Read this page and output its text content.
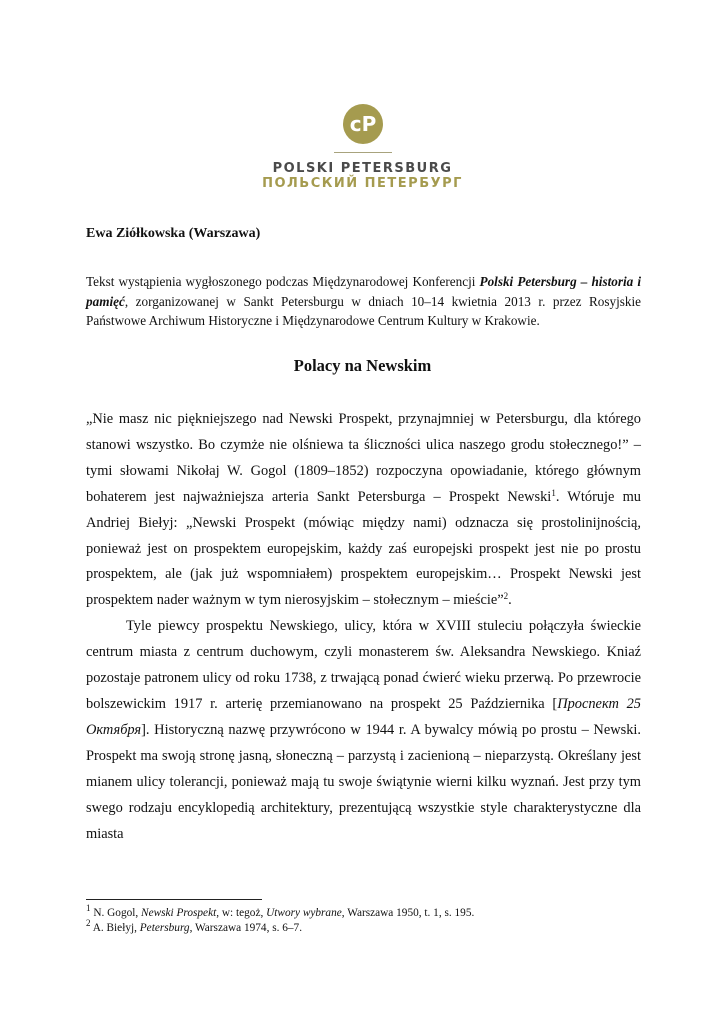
cP
POLSKI PETERSBURG
ПОЛЬСКИЙ ПЕТЕРБУРГ

Ewa Ziółkowska (Warszawa)

Tekst wystąpienia wygłoszonego podczas Międzynarodowej Konferencji Polski Petersburg – historia i pamięć, zorganizowanej w Sankt Petersburgu w dniach 10–14 kwietnia 2013 r. przez Rosyjskie Państwowe Archiwum Historyczne i Międzynarodowe Centrum Kultury w Krakowie.

Polacy na Newskim

„Nie masz nic piękniejszego nad Newski Prospekt, przynajmniej w Petersburgu, dla którego stanowi wszystko. Bo czymże nie olśniewa ta śliczności ulica naszego grodu stołecznego!” – tymi słowami Nikołaj W. Gogol (1809–1852) rozpoczyna opowiadanie, którego głównym bohaterem jest najważniejsza arteria Sankt Petersburga – Prospekt Newski$^1$. Wtóruje mu Andriej Biełyj: „Newski Prospekt (mówiąc między nami) odznacza się prostolinijnością, ponieważ jest on prospektem europejskim, każdy zaś europejski prospekt jest nie po prostu prospektem, ale (jak już wspomniałem) prospektem europejskim… Prospekt Newski jest prospektem nader ważnym w tym nierosyjskim – stołecznym – mieście”$^2$.

Tyle piewcy prospektu Newskiego, ulicy, która w XVIII stuleciu połączyła świeckie centrum miasta z centrum duchowym, czyli monasterem św. Aleksandra Newskiego. Kniaź pozostaje patronem ulicy od roku 1738, z trwającą ponad ćwierć wieku przerwą. Po przewrocie bolszewickim 1917 r. arterię przemianowano na prospekt 25 Października [Проспект 25 Октября]. Historyczną nazwę przywrócono w 1944 r. A bywalcy mówią po prostu – Newski. Prospekt ma swoją stronę jasną, słoneczną – parzystą i zacienioną – nieparzystą. Określany jest mianem ulicy tolerancji, ponieważ mają tu swoje świątynie wierni kilku wyznań. Jest przy tym swego rodzaju encyklopedią architektury, prezentującą wszystkie style charakterystyczne dla miasta

$^1$ N. Gogol, Newski Prospekt, w: tegoż, Utwory wybrane, Warszawa 1950, t. 1, s. 195.
$^2$ A. Biełyj, Petersburg, Warszawa 1974, s. 6–7.
